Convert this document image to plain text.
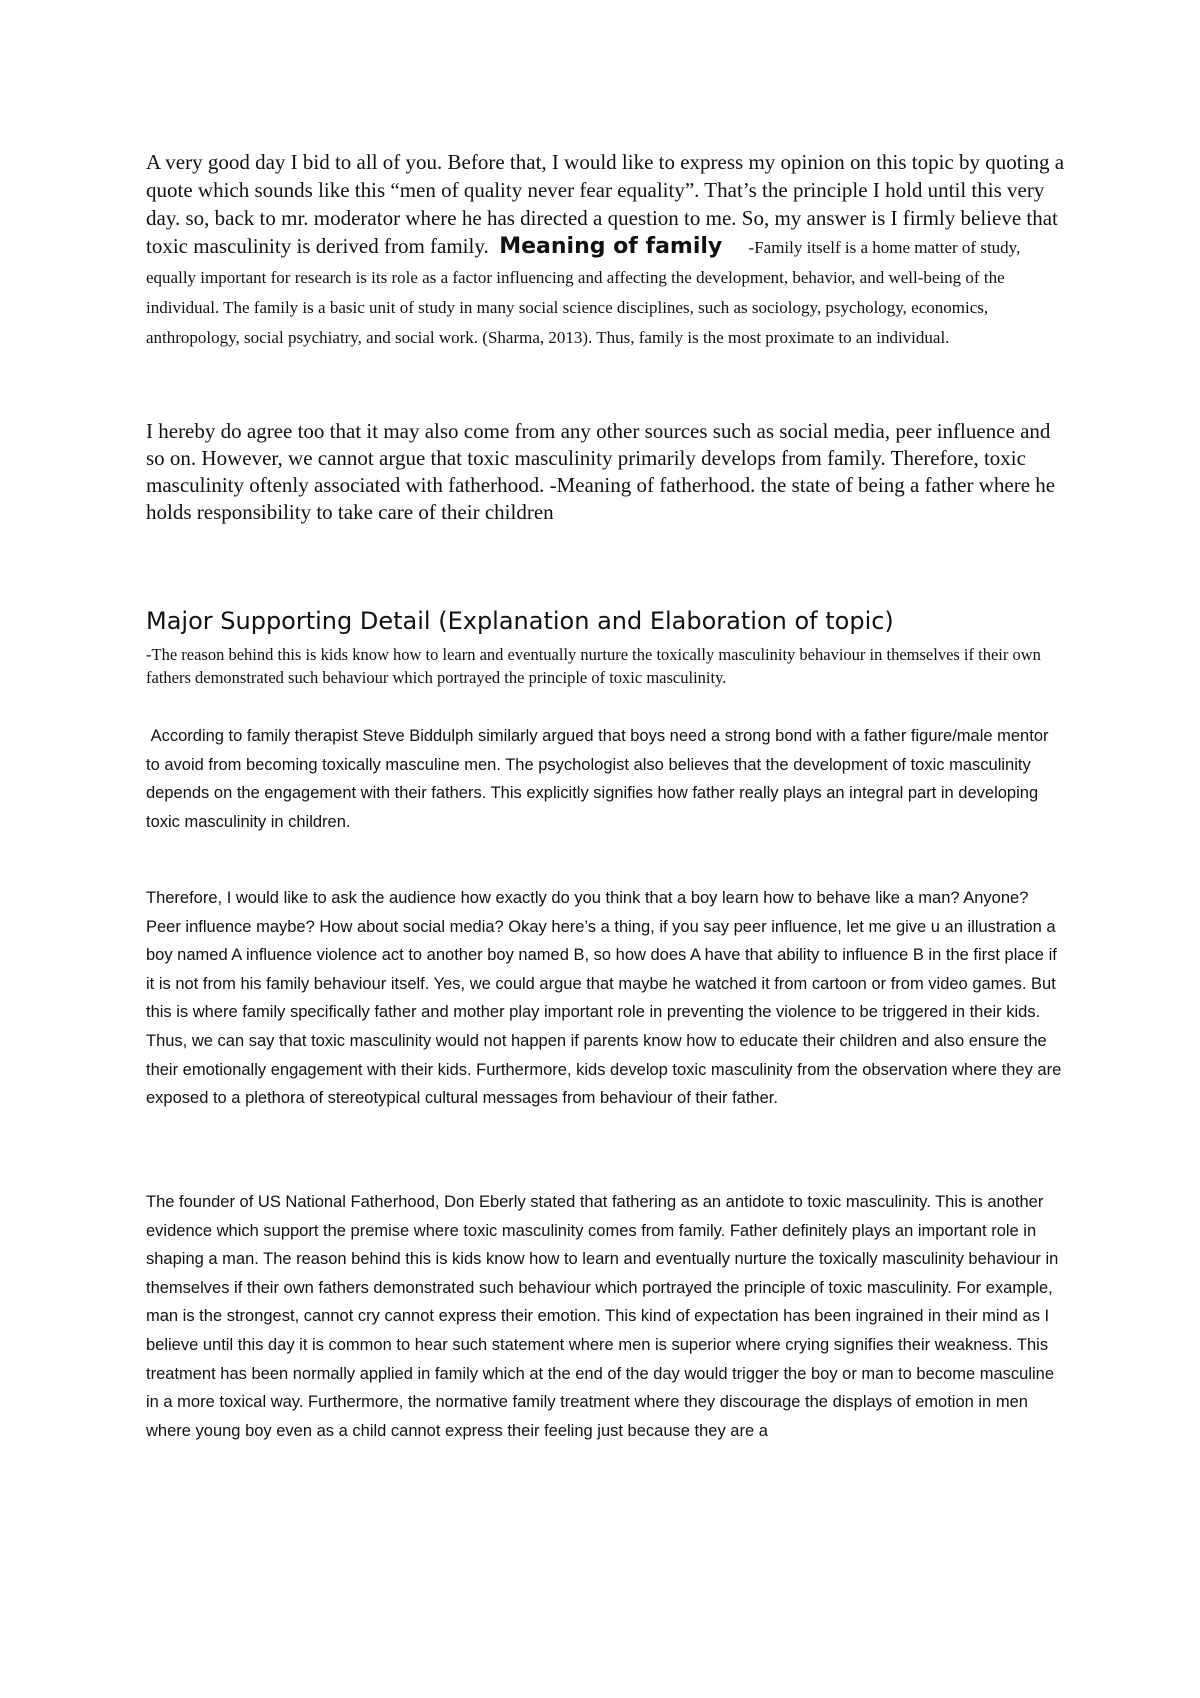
A very good day I bid to all of you. Before that, I would like to express my opinion on this topic by quoting a quote which sounds like this “men of quality never fear equality”. That’s the principle I hold until this very day. so, back to mr. moderator where he has directed a question to me. So, my answer is I firmly believe that toxic masculinity is derived from family. Meaning of family -Family itself is a home matter of study, equally important for research is its role as a factor influencing and affecting the development, behavior, and well-being of the individual. The family is a basic unit of study in many social science disciplines, such as sociology, psychology, economics, anthropology, social psychiatry, and social work. (Sharma, 2013). Thus, family is the most proximate to an individual.

I hereby do agree too that it may also come from any other sources such as social media, peer influence and so on. However, we cannot argue that toxic masculinity primarily develops from family. Therefore, toxic masculinity oftenly associated with fatherhood. -Meaning of fatherhood. the state of being a father where he holds responsibility to take care of their children

Major Supporting Detail (Explanation and Elaboration of topic)

-The reason behind this is kids know how to learn and eventually nurture the toxically masculinity behaviour in themselves if their own fathers demonstrated such behaviour which portrayed the principle of toxic masculinity.

According to family therapist Steve Biddulph similarly argued that boys need a strong bond with a father figure/male mentor to avoid from becoming toxically masculine men. The psychologist also believes that the development of toxic masculinity depends on the engagement with their fathers. This explicitly signifies how father really plays an integral part in developing toxic masculinity in children.

Therefore, I would like to ask the audience how exactly do you think that a boy learn how to behave like a man? Anyone? Peer influence maybe? How about social media? Okay here’s a thing, if you say peer influence, let me give u an illustration a boy named A influence violence act to another boy named B, so how does A have that ability to influence B in the first place if it is not from his family behaviour itself. Yes, we could argue that maybe he watched it from cartoon or from video games. But this is where family specifically father and mother play important role in preventing the violence to be triggered in their kids. Thus, we can say that toxic masculinity would not happen if parents know how to educate their children and also ensure the their emotionally engagement with their kids. Furthermore, kids develop toxic masculinity from the observation where they are exposed to a plethora of stereotypical cultural messages from behaviour of their father.

The founder of US National Fatherhood, Don Eberly stated that fathering as an antidote to toxic masculinity. This is another evidence which support the premise where toxic masculinity comes from family. Father definitely plays an important role in shaping a man. The reason behind this is kids know how to learn and eventually nurture the toxically masculinity behaviour in themselves if their own fathers demonstrated such behaviour which portrayed the principle of toxic masculinity. For example, man is the strongest, cannot cry cannot express their emotion. This kind of expectation has been ingrained in their mind as I believe until this day it is common to hear such statement where men is superior where crying signifies their weakness. This treatment has been normally applied in family which at the end of the day would trigger the boy or man to become masculine in a more toxical way. Furthermore, the normative family treatment where they discourage the displays of emotion in men where young boy even as a child cannot express their feeling just because they are a
